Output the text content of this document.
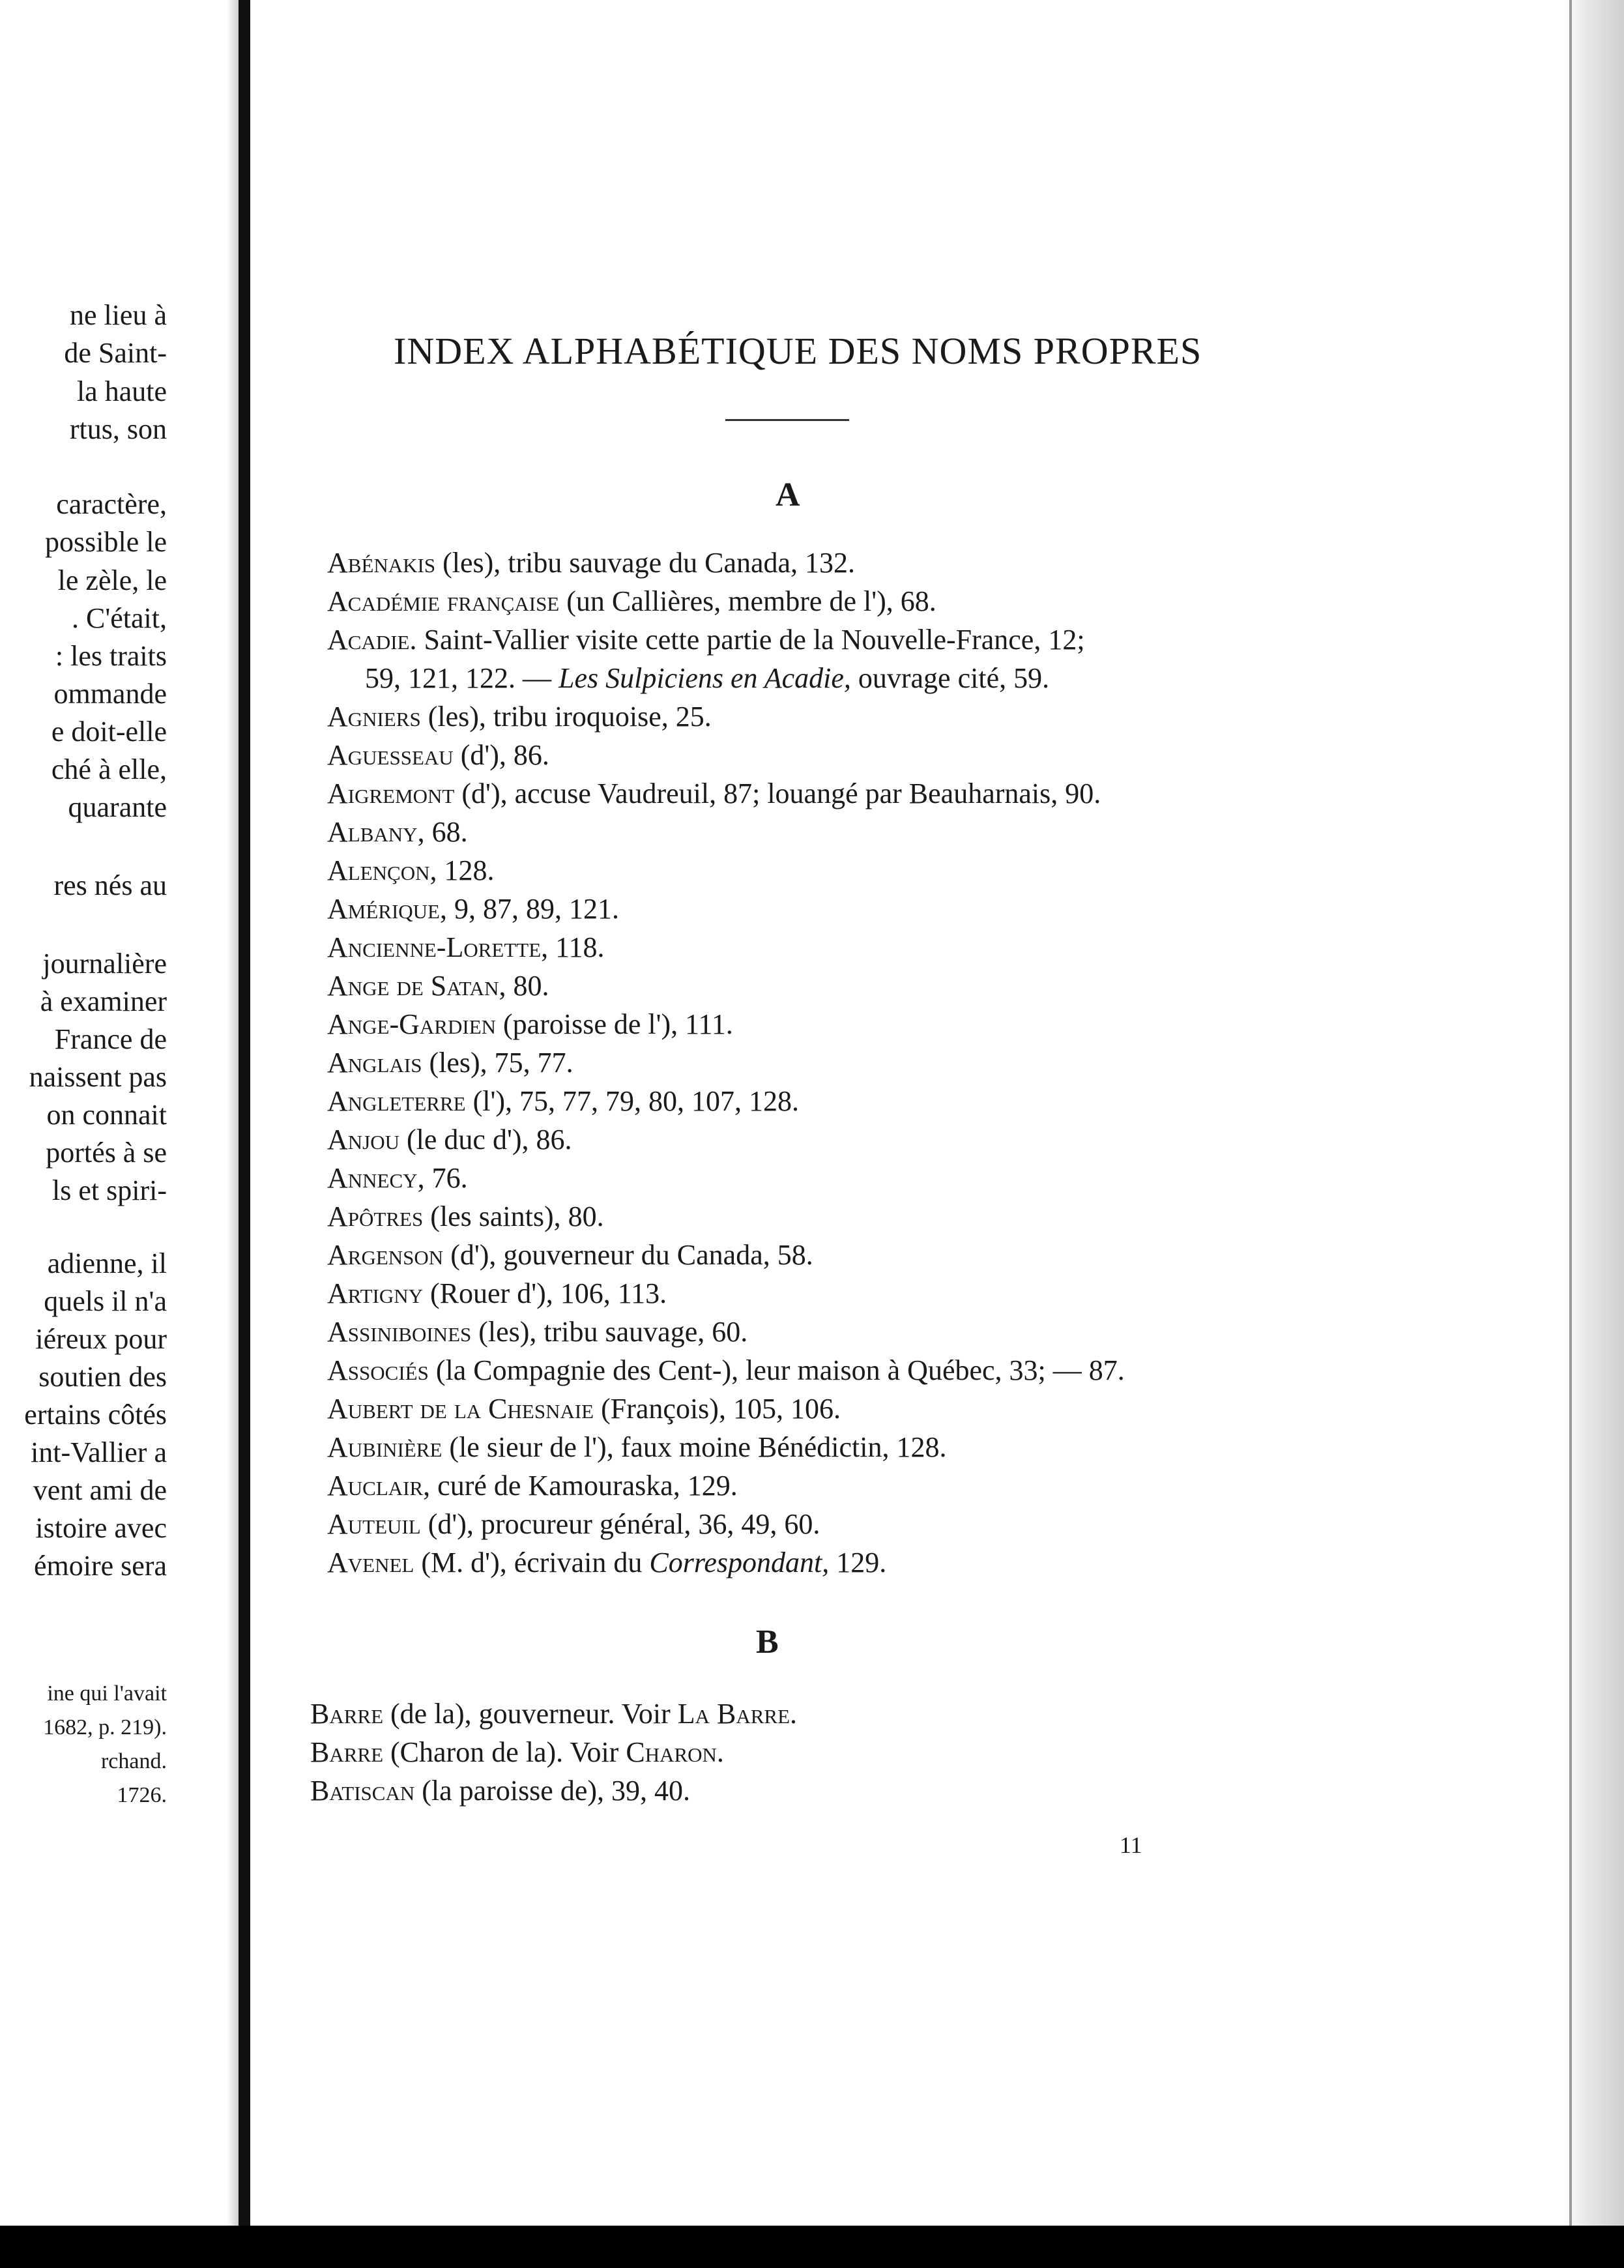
ne lieu à
de Saint-
la haute
rtus, son
caractère,
possible le
le zèle, le
. C'était,
: les traits
ommande
e doit-elle
ché à elle,
quarante
res nés au
journalière
à examiner
France de
naissent pas
on connait
portés à se
ls et spiri-
adienne, il
quels il n'a
iéreux pour
soutien des
ertains côtés
int-Vallier a
vent ami de
istoire avec
émoire sera
ine qui l'avait
1682, p. 219).
rchand.
1726.
INDEX ALPHABÉTIQUE DES NOMS PROPRES
A
Abénakis (les), tribu sauvage du Canada, 132.
Académie française (un Callières, membre de l'), 68.
Acadie. Saint-Vallier visite cette partie de la Nouvelle-France, 12;
59, 121, 122. — Les Sulpiciens en Acadie, ouvrage cité, 59.
Agniers (les), tribu iroquoise, 25.
Aguesseau (d'), 86.
Aigremont (d'), accuse Vaudreuil, 87; louangé par Beauharnais, 90.
Albany, 68.
Alençon, 128.
Amérique, 9, 87, 89, 121.
Ancienne-Lorette, 118.
Ange de Satan, 80.
Ange-Gardien (paroisse de l'), 111.
Anglais (les), 75, 77.
Angleterre (l'), 75, 77, 79, 80, 107, 128.
Anjou (le duc d'), 86.
Annecy, 76.
Apôtres (les saints), 80.
Argenson (d'), gouverneur du Canada, 58.
Artigny (Rouer d'), 106, 113.
Assiniboines (les), tribu sauvage, 60.
Associés (la Compagnie des Cent-), leur maison à Québec, 33; — 87.
Aubert de la Chesnaie (François), 105, 106.
Aubinière (le sieur de l'), faux moine Bénédictin, 128.
Auclair, curé de Kamouraska, 129.
Auteuil (d'), procureur général, 36, 49, 60.
Avenel (M. d'), écrivain du Correspondant, 129.
B
Barre (de la), gouverneur. Voir La Barre.
Barre (Charon de la). Voir Charon.
Batiscan (la paroisse de), 39, 40.
11
